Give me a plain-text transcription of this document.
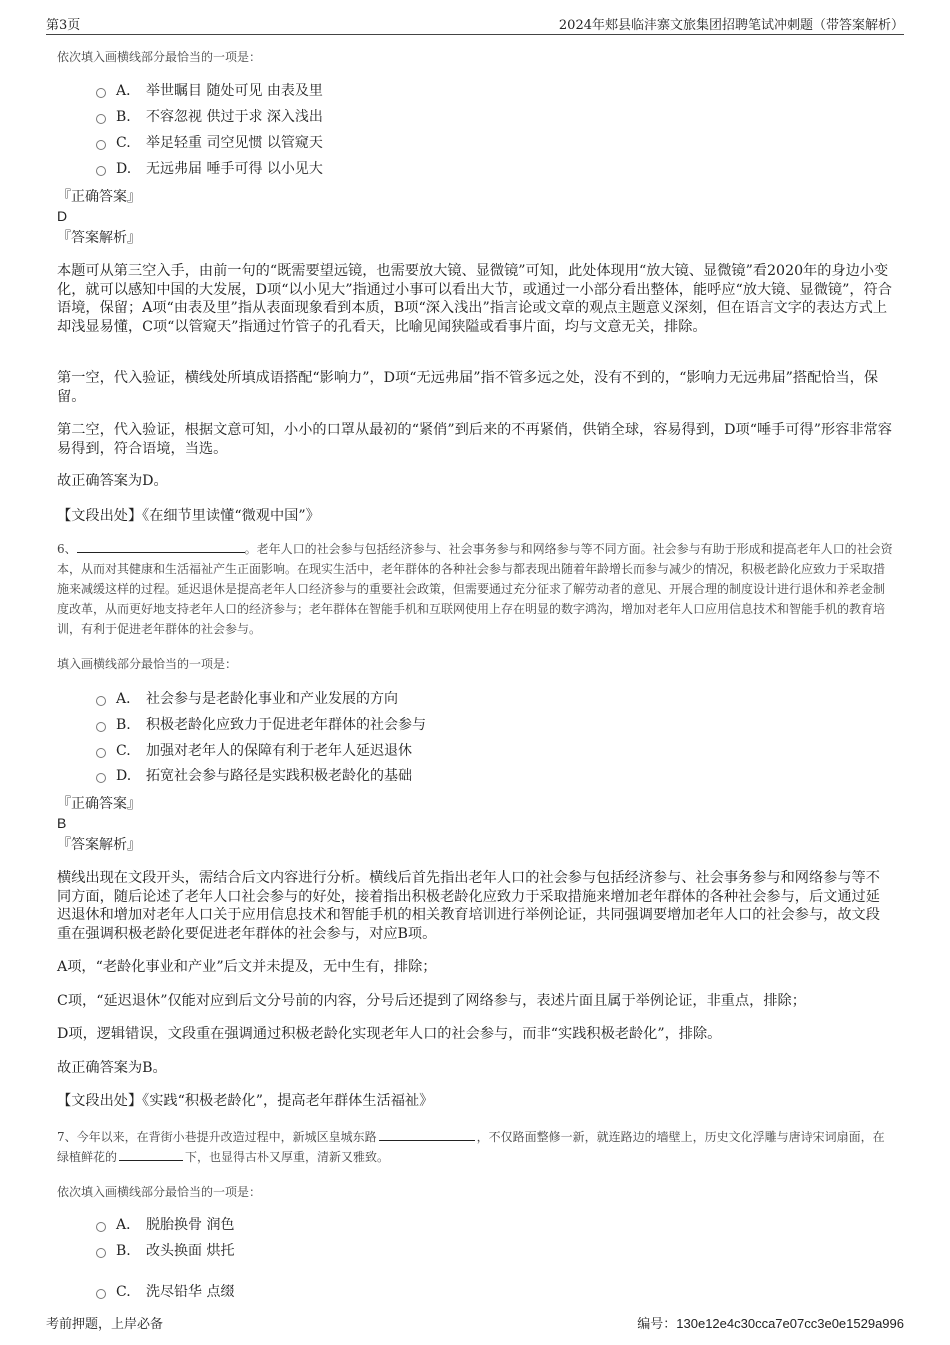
第3页	2024年郏县临沣寨文旅集团招聘笔试冲刺题（带答案解析）
依次填入画横线部分最恰当的一项是：
A． 举世瞩目 随处可见 由表及里
B. 不容忽视 供过于求 深入浅出
C. 举足轻重 司空见惯 以管窥天
D. 无远弗届 唾手可得 以小见大
『正确答案』
D
『答案解析』
本题可从第三空入手，由前一句的“既需要望远镜，也需要放大镜、显微镜”可知，此处体现用“放大镜、显微镜”看2020年的身边小变化，就可以感知中国的大发展，D项“以小见大”指通过小事可以看出大节，或通过一小部分看出整体，能呼应“放大镜、显微镜”，符合语境，保留；A项“由表及里”指从表面现象看到本质，B项“深入浅出”指言论或文章的观点主题意义深刻，但在语言文字的表达方式上却浅显易懂，C项“以管窥天”指通过竹管子的孔看天，比喻见闻狭隘或看事片面，均与文意无关，排除。
第一空，代入验证，横线处所填成语搭配“影响力”，D项“无远弗届”指不管多远之处，没有不到的，“影响力无远弗届”搭配恰当，保留。
第二空，代入验证，根据文意可知，小小的口罩从最初的“紧俏”到后来的不再紧俏，供销全球，容易得到，D项“唾手可得”形容非常容易得到，符合语境，当选。
故正确答案为D。
【文段出处】《在细节里读懂“微观中国”》
6、	。老年人口的社会参与包括经济参与、社会事务参与和网络参与等不同方面。社会参与有助于形成和提高老年人口的社会资本，从而对其健康和生活福祉产生正面影响。在现实生活中，老年群体的各种社会参与都表现出随着年龄增长而参与减少的情况，积极老龄化应致力于采取措施来减缓这样的过程。延迟退休是提高老年人口经济参与的重要社会政策，但需要通过充分征求了解劳动者的意见、开展合理的制度设计进行退休和养老金制度改革，从而更好地支持老年人口的经济参与；老年群体在智能手机和互联网使用上存在明显的数字鸿沟，增加对老年人口应用信息技术和智能手机的教育培训，有利于促进老年群体的社会参与。
填入画横线部分最恰当的一项是：
A． 社会参与是老龄化事业和产业发展的方向
B. 积极老龄化应致力于促进老年群体的社会参与
C. 加强对老年人的保障有利于老年人延迟退休
D. 拓宽社会参与路径是实践积极老龄化的基础
『正确答案』
B
『答案解析』
横线出现在文段开头，需结合后文内容进行分析。横线后首先指出老年人口的社会参与包括经济参与、社会事务参与和网络参与等不同方面，随后论述了老年人口社会参与的好处，接着指出积极老龄化应致力于采取措施来增加老年群体的各种社会参与，后文通过延迟退休和增加对老年人口关于应用信息技术和智能手机的相关教育培训进行举例论证，共同强调要增加老年人口的社会参与，故文段重在强调积极老龄化要促进老年群体的社会参与，对应B项。
A项，“老龄化事业和产业”后文并未提及，无中生有，排除；
C项，“延迟退休”仅能对应到后文分号前的内容，分号后还提到了网络参与，表述片面且属于举例论证，非重点，排除；
D项，逻辑错误，文段重在强调通过积极老龄化实现老年人口的社会参与，而非“实践积极老龄化”，排除。
故正确答案为B。
【文段出处】《实践“积极老龄化”，提高老年群体生活福祉》
7、今年以来，在背街小巷提升改造过程中，新城区皇城东路	，不仅路面整修一新，就连路边的墙壁上，历史文化浮雕与唐诗宋词扇面，在绿植鲜花的	下，也显得古朴又厚重，清新又雅致。
依次填入画横线部分最恰当的一项是：
A． 脱胎换骨 润色
B. 改头换面 烘托
C. 洗尽铅华 点缀
考前押题，上岸必备	编号：130e12e4c30cca7e07cc3e0e1529a996
